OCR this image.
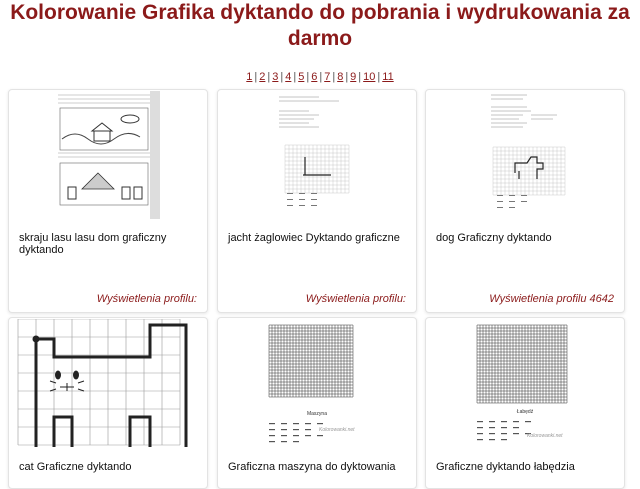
Kolorowanie Grafika dyktando do pobrania i wydrukowania za darmo
1 | 2 | 3 | 4 | 5 | 6 | 7 | 8 | 9 | 10 | 11
skraju lasu lasu dom graficzny dyktando
Wyświetlenia profilu:
jacht żaglowiec Dyktando graficzne
Wyświetlenia profilu:
dog Graficzny dyktando
Wyświetlenia profilu 4642
cat Graficzne dyktando
Maszyna
Kolorowanki.net
Graficzna maszyna do dyktowania
Łabędź
Kolorowanki.net
Graficzne dyktando łabędzia
